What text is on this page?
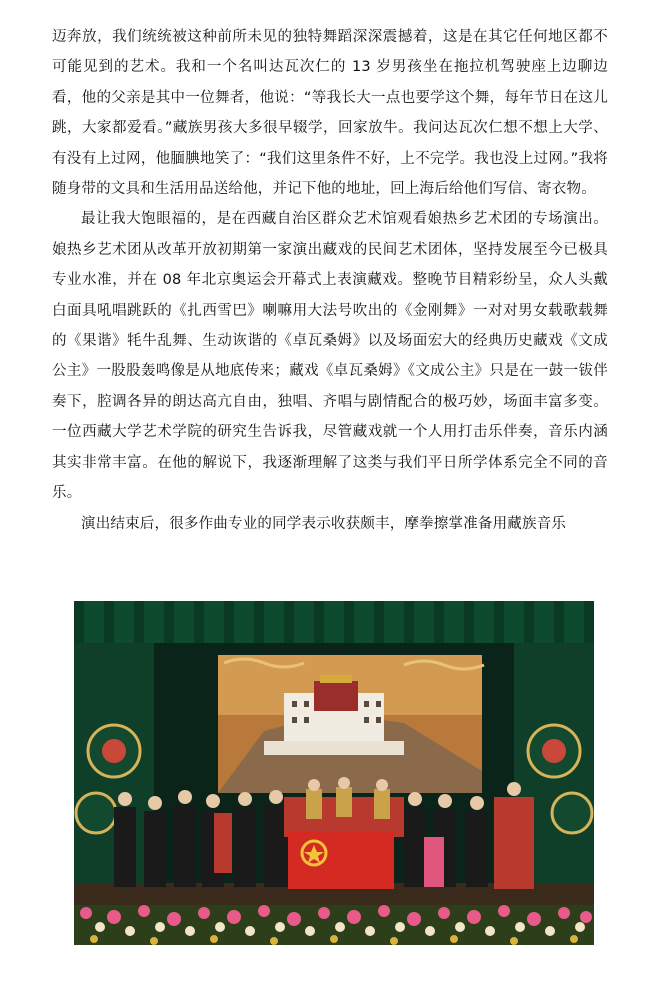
迈奔放，我们统统被这种前所未见的独特舞蹈深深震撼着，这是在其它任何地区都不可能见到的艺术。我和一个名叫达瓦次仁的 13 岁男孩坐在拖拉机驾驶座上边聊边看，他的父亲是其中一位舞者，他说：“等我长大一点也要学这个舞，每年节日在这儿跳，大家都爱看。”藏族男孩大多很早辍学，回家放牛。我问达瓦次仁想不想上大学、有没有上过网，他腼腆地笑了：“我们这里条件不好，上不完学。我也没上过网。”我将随身带的文具和生活用品送给他，并记下他的地址，回上海后给他们写信、寄衣物。

最让我大饱眼福的，是在西藏自治区群众艺术馆观看娘热乡艺术团的专场演出。娘热乡艺术团从改革开放初期第一家演出藏戏的民间艺术团体，坚持发展至今已极具专业水准，并在 08 年北京奥运会开幕式上表演藏戏。整晚节目精彩纷呈，众人头戴白面具吼唱跳跃的《扎西雪巴》喇嘛用大法号吹出的《金刚舞》一对对男女载歌载舞的《果谐》牦牛乱舞、生动诙谐的《卓瓦桑姆》以及场面宏大的经典历史藏戏《文成公主》一股股轰鸣像是从地底传来；藏戏《卓瓦桑姆》《文成公主》只是在一鼓一钹伴奏下，腔调各异的朗达高亢自由，独唱、齐唱与剧情配合的极巧妙，场面丰富多变。一位西藏大学艺术学院的研究生告诉我，尽管藏戏就一个人用打击乐伴奏，音乐内涵其实非常丰富。在他的解说下，我逐渐理解了这类与我们平日所学体系完全不同的音乐。

演出结束后，很多作曲专业的同学表示收获颇丰，摩拳擦掌准备用藏族音乐
